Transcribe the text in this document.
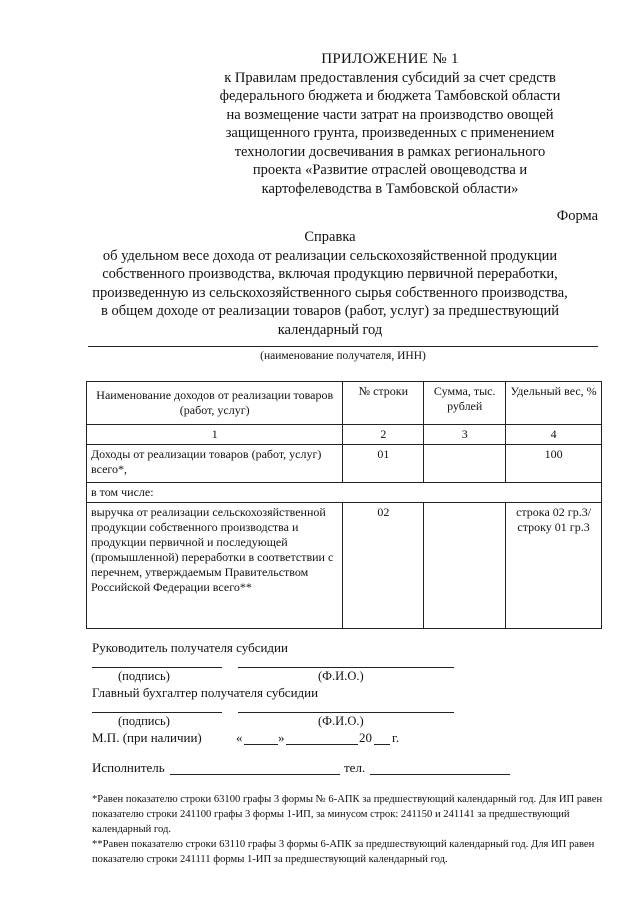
ПРИЛОЖЕНИЕ № 1
к Правилам предоставления субсидий за счет средств
федерального бюджета и бюджета Тамбовской области
на возмещение части затрат на производство овощей
защищенного грунта, произведенных с применением
технологии досвечивания в рамках регионального
проекта «Развитие отраслей овощеводства и
картофелеводства в Тамбовской области»
Форма
Справка
об удельном весе дохода от реализации сельскохозяйственной продукции
собственного производства, включая продукцию первичной переработки,
произведенную из сельскохозяйственного сырья собственного производства,
в общем доходе от реализации товаров (работ, услуг) за предшествующий
календарный год
(наименование получателя, ИНН)
Наименование доходов от реализации товаров (работ, услуг)	№ строки	Сумма, тыс. рублей	Удельный вес, %
1	2	3	4
Доходы от реализации товаров (работ, услуг) всего*,	01		100
в том числе:			
выручка от реализации сельскохозяйственной продукции собственного производства и продукции первичной и последующей (промышленной) переработки в соответствии с перечнем, утверждаемым Правительством Российской Федерации всего**	02		строка 02 гр.3/ строку 01 гр.3
Руководитель получателя субсидии
(подпись)	(Ф.И.О.)
Главный бухгалтер получателя субсидии
(подпись)	(Ф.И.О.)
М.П. (при наличии)	«	»	20 г.
Исполнитель	тел.

*Равен показателю строки 63100 графы 3 формы № 6-АПК за предшествующий календарный год. Для ИП равен показателю строки 241100 графы 3 формы 1-ИП, за минусом строк: 241150 и 241141 за предшествующий календарный год.

**Равен показателю строки 63110 графы 3 формы 6-АПК за предшествующий календарный год. Для ИП равен показателю строки 241111 формы 1-ИП за предшествующий календарный год.
